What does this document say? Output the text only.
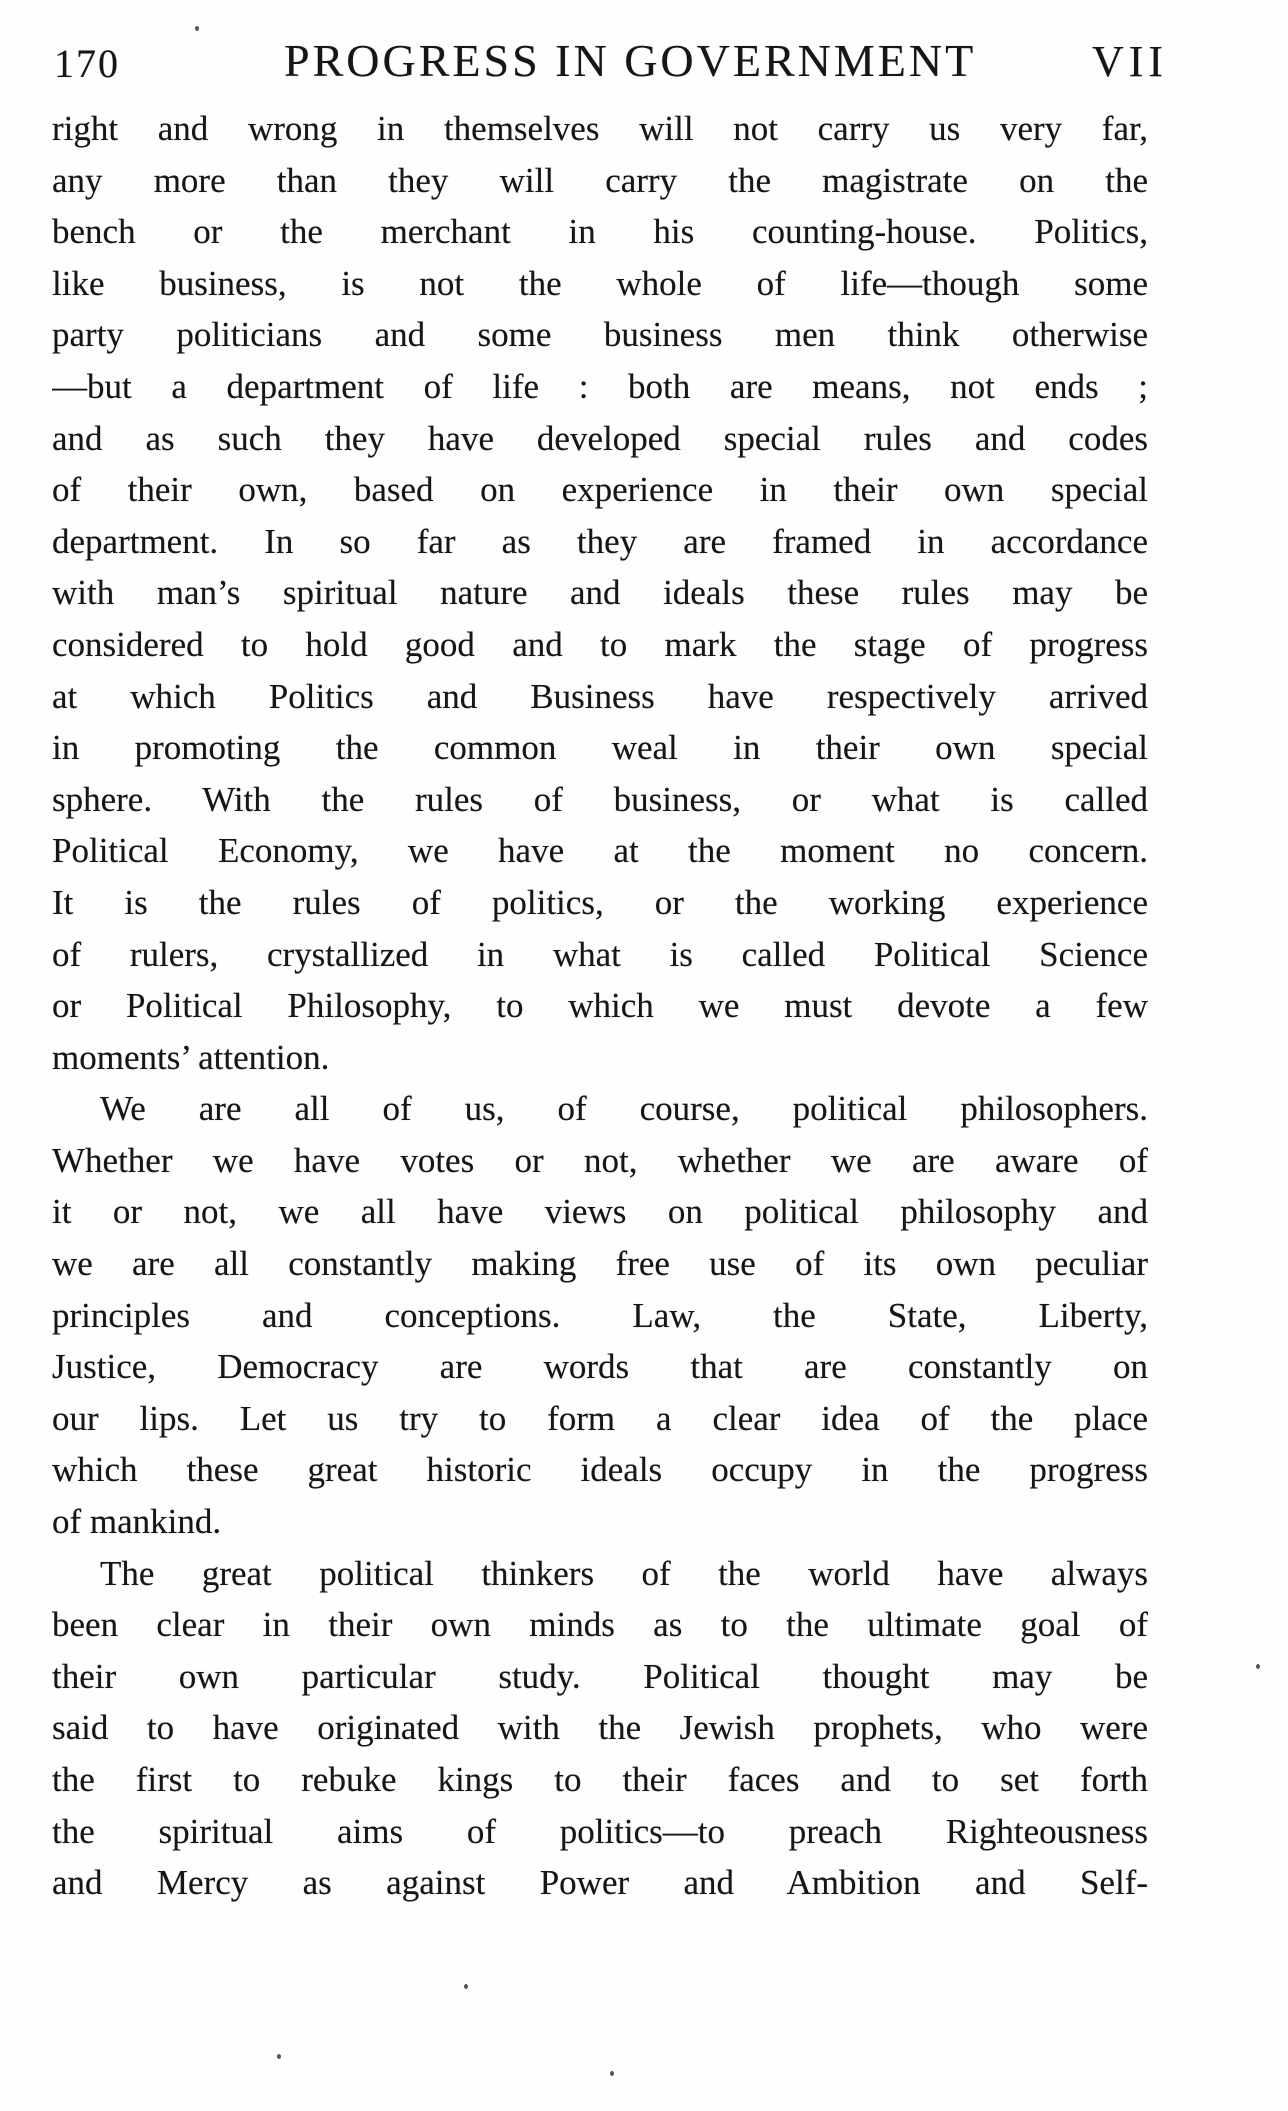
170	PROGRESS IN GOVERNMENT	VII
right and wrong in themselves will not carry us very far,
any more than they will carry the magistrate on the
bench or the merchant in his counting-house. Politics,
like business, is not the whole of life—though some
party politicians and some business men think otherwise
—but a department of life : both are means, not ends ;
and as such they have developed special rules and codes
of their own, based on experience in their own special
department. In so far as they are framed in accordance
with man’s spiritual nature and ideals these rules may be
considered to hold good and to mark the stage of progress
at which Politics and Business have respectively arrived
in promoting the common weal in their own special
sphere. With the rules of business, or what is called
Political Economy, we have at the moment no concern.
It is the rules of politics, or the working experience
of rulers, crystallized in what is called Political Science
or Political Philosophy, to which we must devote a few
moments’ attention.
We are all of us, of course, political philosophers.
Whether we have votes or not, whether we are aware of
it or not, we all have views on political philosophy and
we are all constantly making free use of its own peculiar
principles and conceptions. Law, the State, Liberty,
Justice, Democracy are words that are constantly on
our lips. Let us try to form a clear idea of the place
which these great historic ideals occupy in the progress
of mankind.
The great political thinkers of the world have always
been clear in their own minds as to the ultimate goal of
their own particular study. Political thought may be
said to have originated with the Jewish prophets, who were
the first to rebuke kings to their faces and to set forth
the spiritual aims of politics—to preach Righteousness
and Mercy as against Power and Ambition and Self-
